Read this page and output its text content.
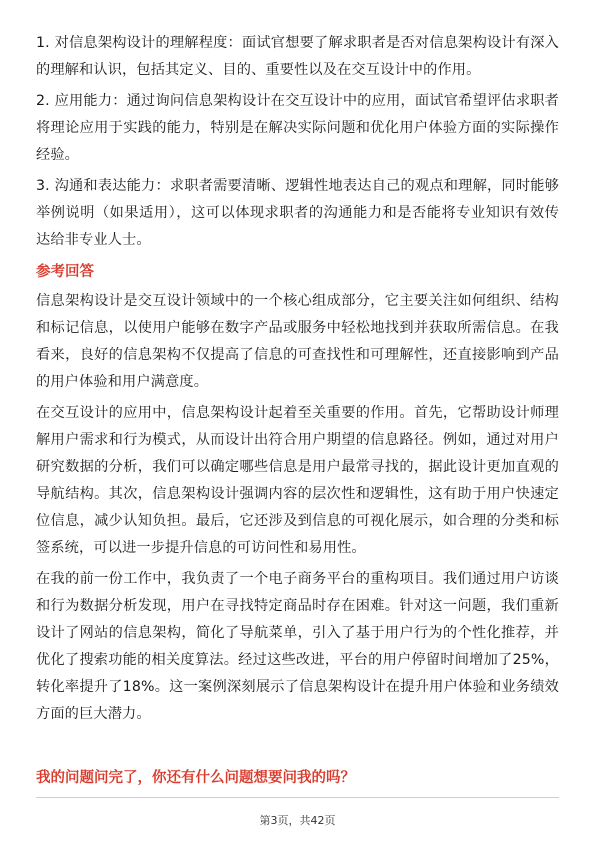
1. 对信息架构设计的理解程度：面试官想要了解求职者是否对信息架构设计有深入的理解和认识，包括其定义、目的、重要性以及在交互设计中的作用。

2. 应用能力：通过询问信息架构设计在交互设计中的应用，面试官希望评估求职者将理论应用于实践的能力，特别是在解决实际问题和优化用户体验方面的实际操作经验。

3. 沟通和表达能力：求职者需要清晰、逻辑性地表达自己的观点和理解，同时能够举例说明（如果适用），这可以体现求职者的沟通能力和是否能将专业知识有效传达给非专业人士。

参考回答

信息架构设计是交互设计领域中的一个核心组成部分，它主要关注如何组织、结构和标记信息，以使用户能够在数字产品或服务中轻松地找到并获取所需信息。在我看来，良好的信息架构不仅提高了信息的可查找性和可理解性，还直接影响到产品的用户体验和用户满意度。

在交互设计的应用中，信息架构设计起着至关重要的作用。首先，它帮助设计师理解用户需求和行为模式，从而设计出符合用户期望的信息路径。例如，通过对用户研究数据的分析，我们可以确定哪些信息是用户最常寻找的，据此设计更加直观的导航结构。其次，信息架构设计强调内容的层次性和逻辑性，这有助于用户快速定位信息，减少认知负担。最后，它还涉及到信息的可视化展示，如合理的分类和标签系统，可以进一步提升信息的可访问性和易用性。

在我的前一份工作中，我负责了一个电子商务平台的重构项目。我们通过用户访谈和行为数据分析发现，用户在寻找特定商品时存在困难。针对这一问题，我们重新设计了网站的信息架构，简化了导航菜单，引入了基于用户行为的个性化推荐，并优化了搜索功能的相关度算法。经过这些改进，平台的用户停留时间增加了25%，转化率提升了18%。这一案例深刻展示了信息架构设计在提升用户体验和业务绩效方面的巨大潜力。

我的问题问完了，你还有什么问题想要问我的吗？
第3页，共42页
